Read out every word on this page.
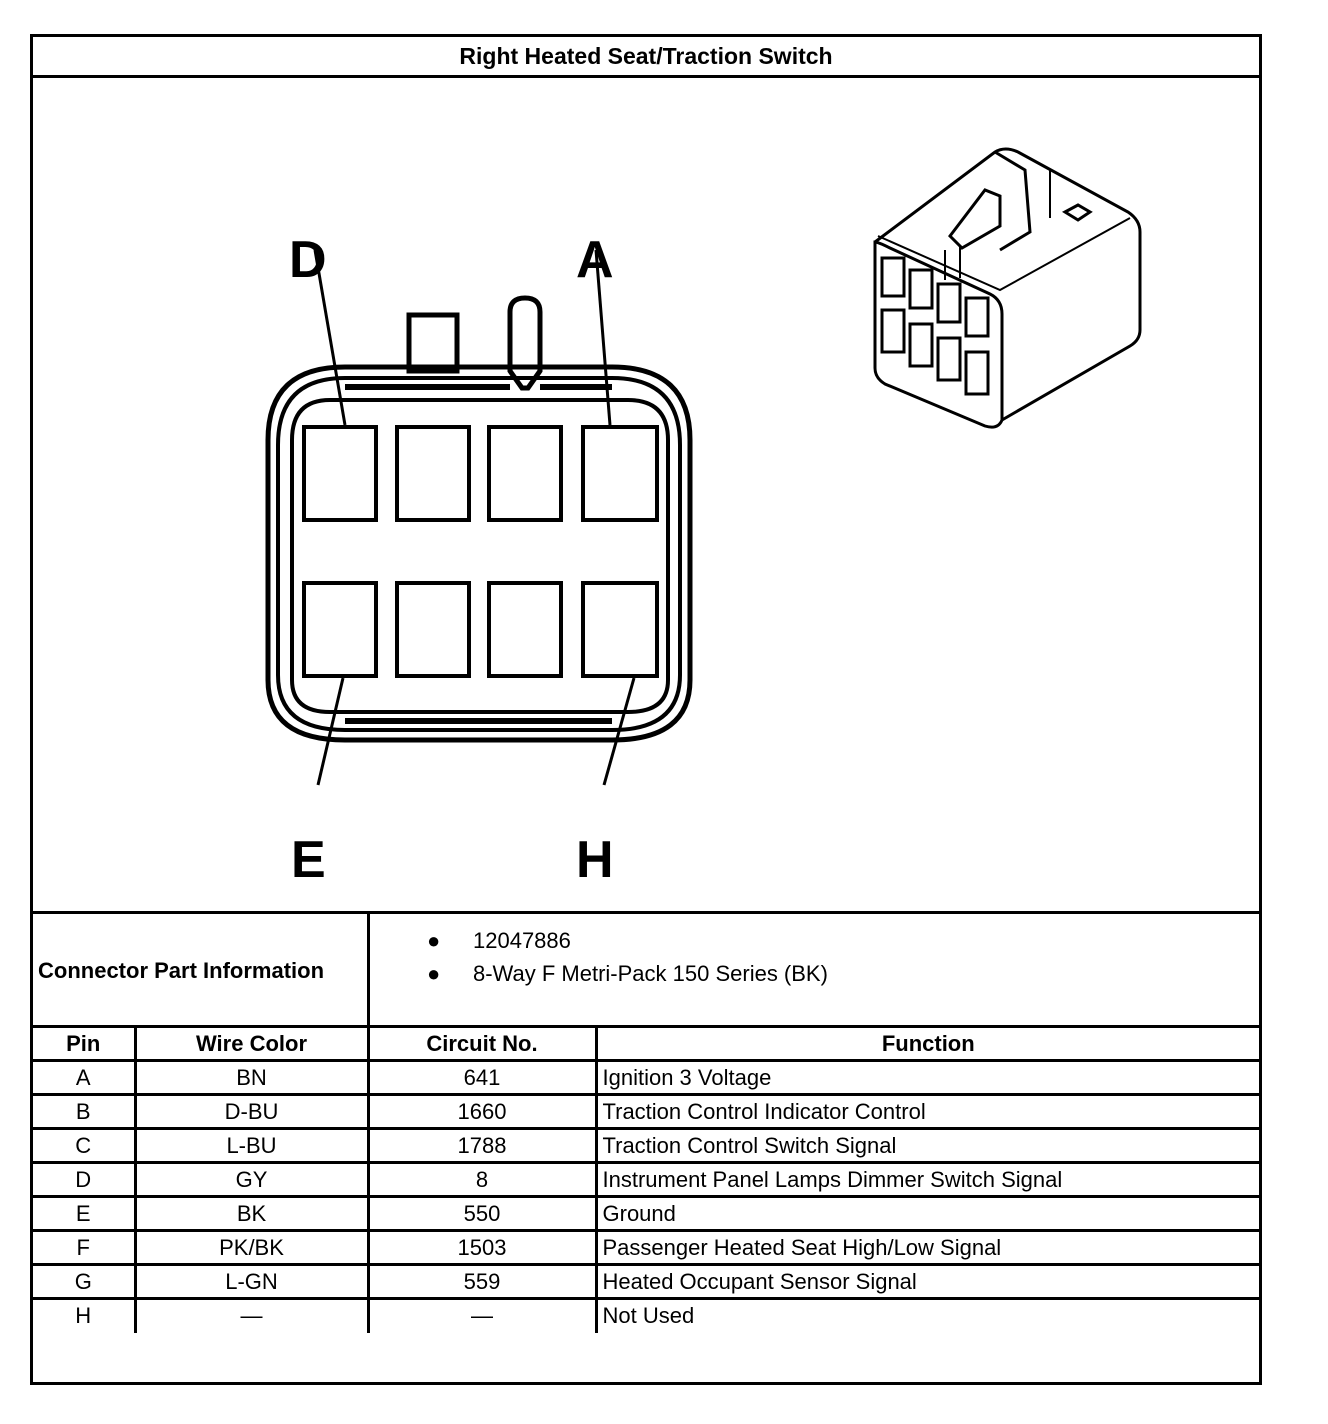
Right Heated Seat/Traction Switch
D	A
E	H
Connector Part Information
● 12047886
● 8-Way F Metri-Pack 150 Series (BK)
Pin	Wire Color	Circuit No.	Function
A	BN	641	Ignition 3 Voltage
B	D-BU	1660	Traction Control Indicator Control
C	L-BU	1788	Traction Control Switch Signal
D	GY	8	Instrument Panel Lamps Dimmer Switch Signal
E	BK	550	Ground
F	PK/BK	1503	Passenger Heated Seat High/Low Signal
G	L-GN	559	Heated Occupant Sensor Signal
H	—	—	Not Used
